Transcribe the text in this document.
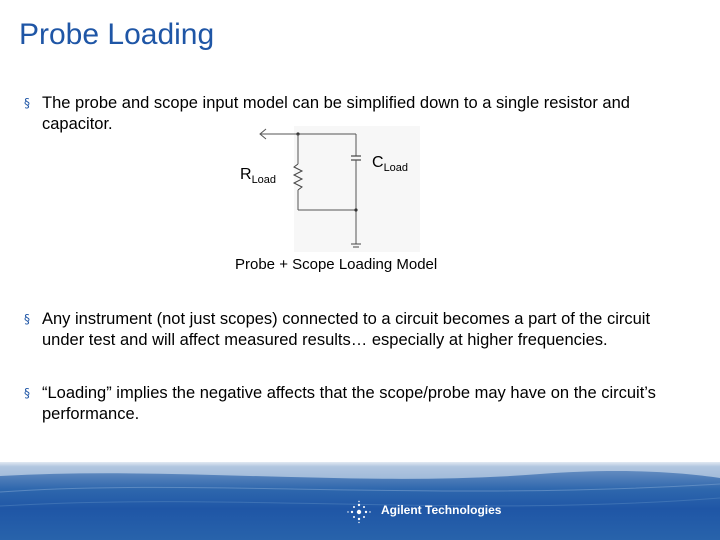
Probe Loading
§ The probe and scope input model can be simplified down to a single resistor and capacitor.
$R_{Load}$
$C_{Load}$
Probe + Scope Loading Model
§ Any instrument (not just scopes) connected to a circuit becomes a part of the circuit under test and will affect measured results… especially at higher frequencies.
§ “Loading” implies the negative affects that the scope/probe may have on the circuit’s performance.
Agilent Technologies
